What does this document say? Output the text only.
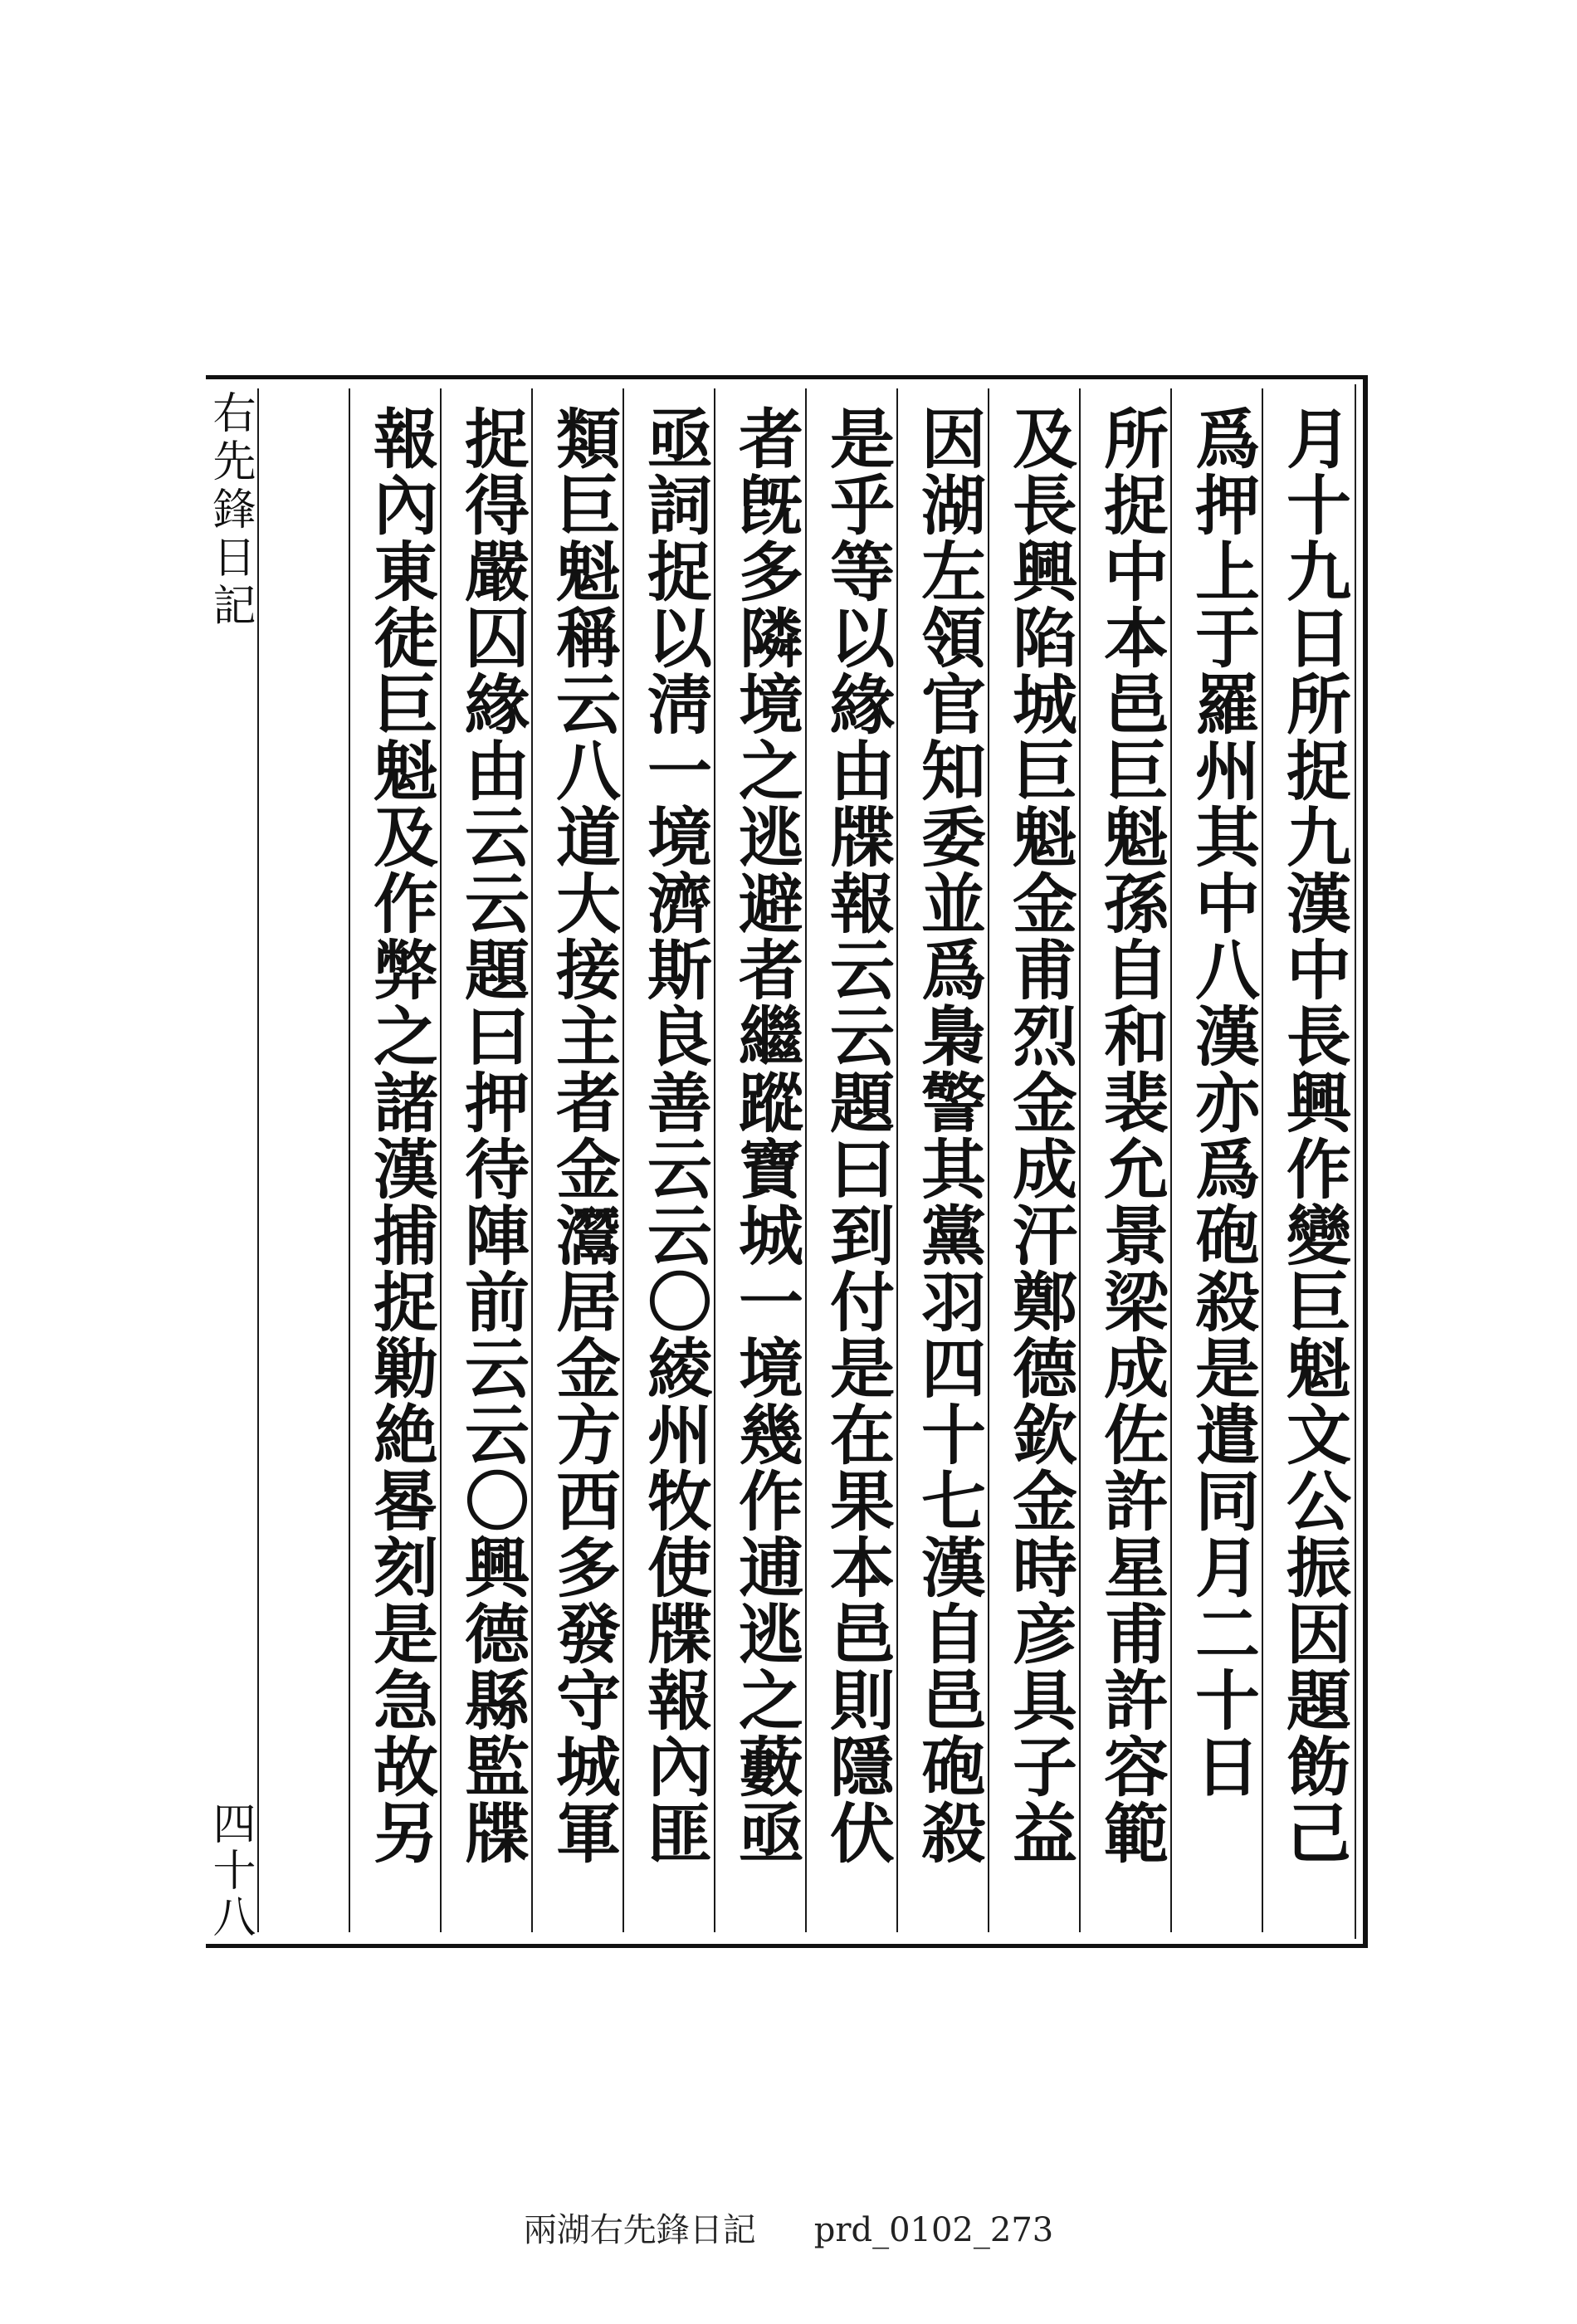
右先鋒日記
四十八
月十九日所捉九漢中長興作變巨魁文公振因題飭己
爲押上于羅州其中八漢亦爲砲殺是遣同月二十日
所捉中本邑巨魁孫自和裴允景梁成佐許星甫許容範
及長興陷城巨魁金甫烈金成汗鄭德欽金時彦具子益
因湖左領官知委並爲梟警其黨羽四十七漢自邑砲殺
是乎等以緣由牒報云云題曰到付是在果本邑則隱伏
者旣多隣境之逃避者繼蹤寶城一境幾作逋逃之藪亟
亟詞捉以淸一境濟斯良善云云〇綾州牧使牒報內匪
類巨魁稱云八道大接主者金灊居金方西多發守城軍
捉得嚴囚緣由云云題曰押待陣前云云〇興德縣監牒
報內東徒巨魁及作弊之諸漢捕捉勦絶晷刻是急故另
兩湖右先鋒日記 prd_0102_273
